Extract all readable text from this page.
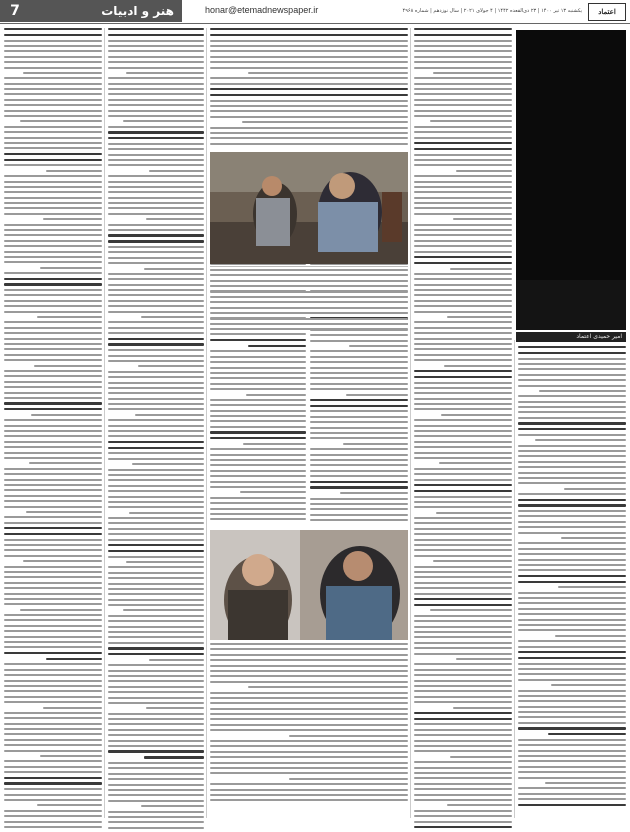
7	هنر و ادبیات	honar@etemadnewspaper.ir	یکشنبه ۱۳ تیر ۱۴۰۰ | ۲۳ ذی‌القعده ۱۴۴۲ | ۴ جولای ۲۰۲۱ | سال نوزدهم | شماره ۴۹۶۸	اعتماد
امیر حمیدی اعتماد
